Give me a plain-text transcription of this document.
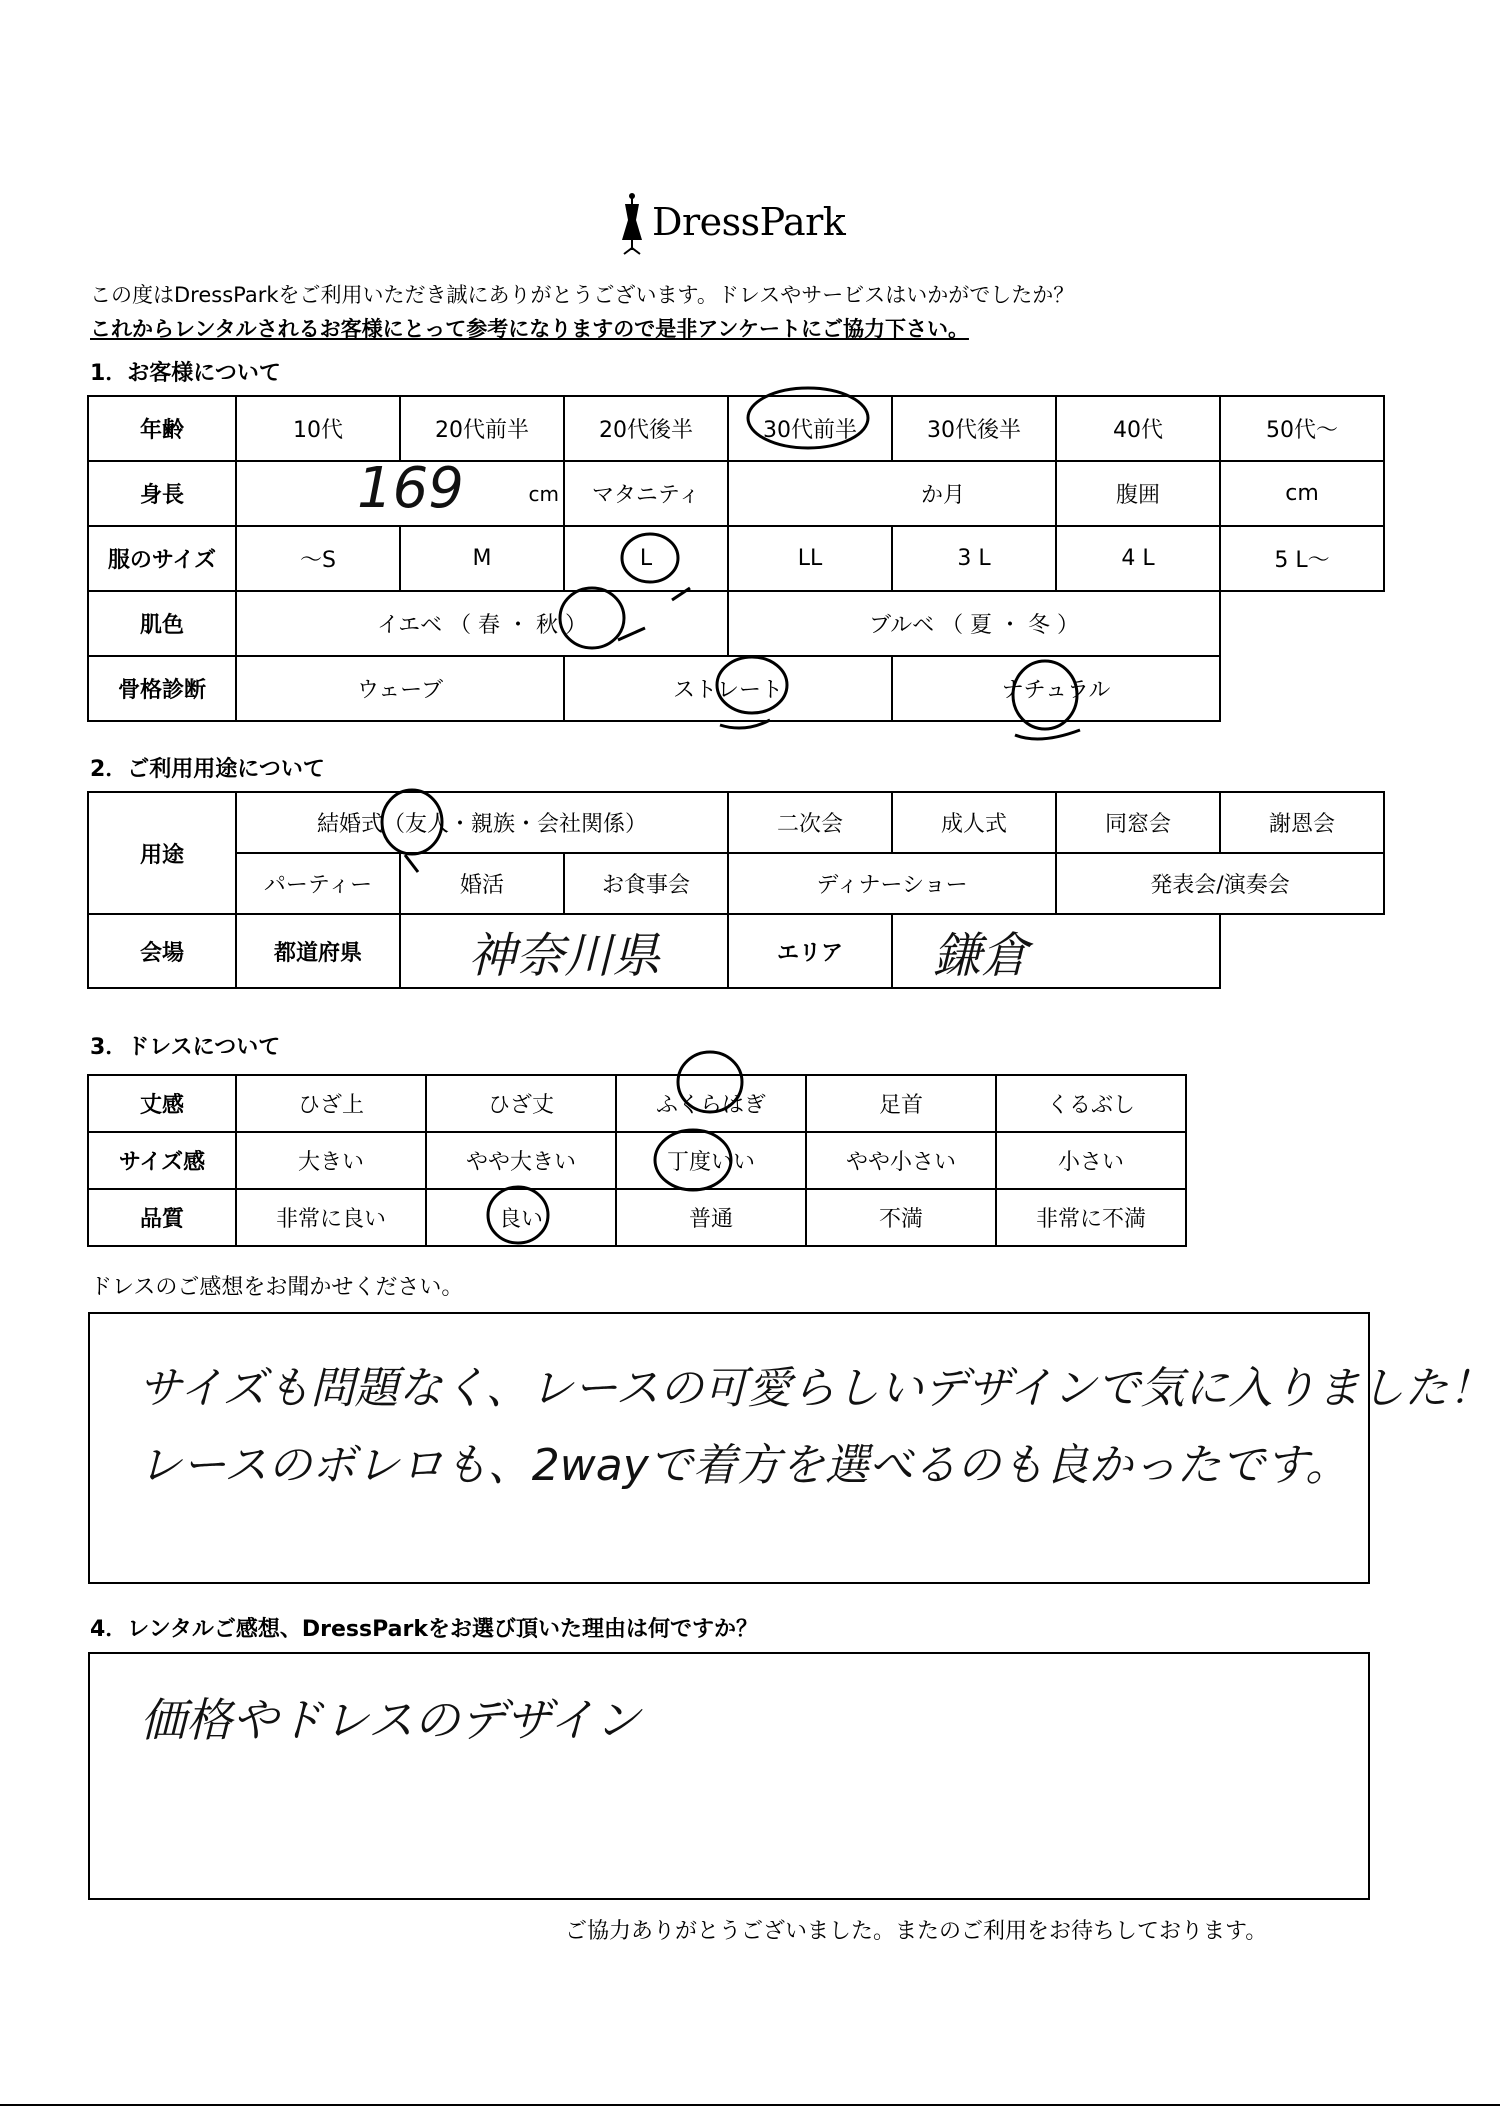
DressPark
この度はDressParkをご利用いただき誠にありがとうございます。ドレスやサービスはいかがでしたか？
これからレンタルされるお客様にとって参考になりますので是非アンケートにご協力下さい。
1．お客様について
年齢	10代	20代前半	20代後半	30代前半	30代後半	40代	50代～
身長	169 cm		マタニティ	か月		腹囲	cm
服のサイズ	～S	M	L	LL	3 L	4 L	5 L～
肌色	イエベ （ 春 ・ 秋 ）			ブルベ （ 夏 ・ 冬 ）			
骨格診断	ウェーブ		ストレート		ナチュラル		
2．ご利用用途について
用途	結婚式（友人・親族・会社関係）			二次会	成人式	同窓会	謝恩会
	パーティー	婚活	お食事会	ディナーショー		発表会/演奏会	
会場	都道府県	神奈川県		エリア	鎌倉		
3．ドレスについて
丈感	ひざ上	ひざ丈	ふくらはぎ	足首	くるぶし
サイズ感	大きい	やや大きい	丁度いい	やや小さい	小さい
品質	非常に良い	良い	普通	不満	非常に不満
ドレスのご感想をお聞かせください。
サイズも問題なく、レースの可愛らしいデザインで気に入りました！
レースのボレロも、2wayで着方を選べるのも良かったです。
4．レンタルご感想、DressParkをお選び頂いた理由は何ですか？
価格やドレスのデザイン
ご協力ありがとうございました。またのご利用をお待ちしております。
